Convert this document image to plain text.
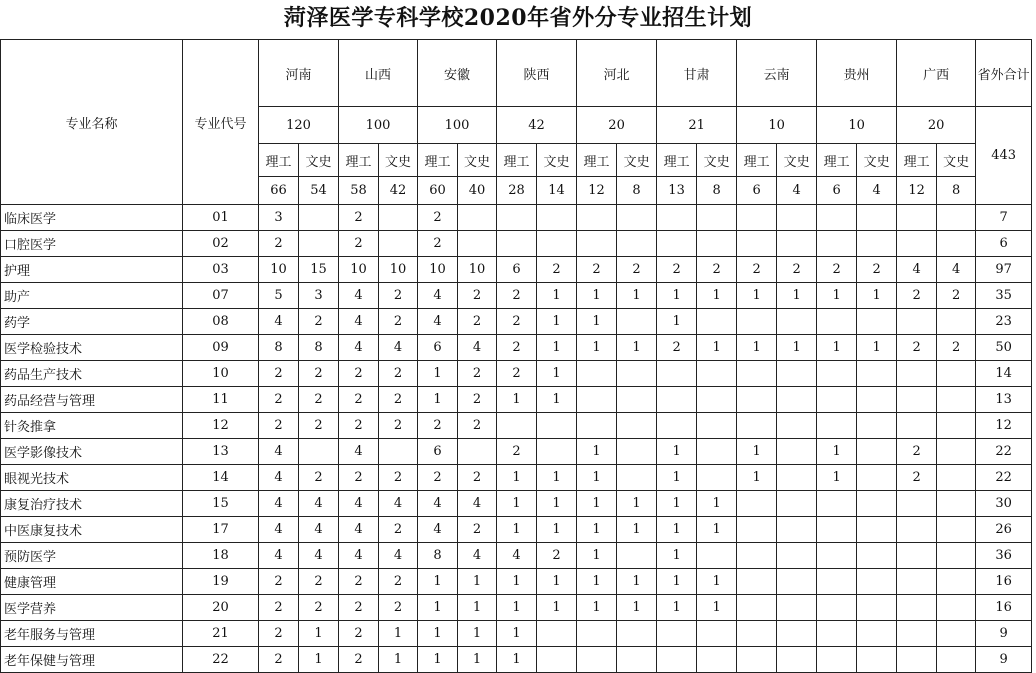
菏泽医学专科学校2020年省外分专业招生计划
专业名称	专业代号	河南		山西		安徽		陕西		河北		甘肃		云南		贵州		广西		省外合计
		120		100		100		42		20		21		10		10		20		443
		理工	文史	理工	文史	理工	文史	理工	文史	理工	文史	理工	文史	理工	文史	理工	文史	理工	文史	
		66	54	58	42	60	40	28	14	12	8	13	8	6	4	6	4	12	8	
临床医学	01	3		2		2														7
口腔医学	02	2		2		2														6
护理	03	10	15	10	10	10	10	6	2	2	2	2	2	2	2	2	2	4	4	97
助产	07	5	3	4	2	4	2	2	1	1	1	1	1	1	1	1	1	2	2	35
药学	08	4	2	4	2	4	2	2	1	1		1								23
医学检验技术	09	8	8	4	4	6	4	2	1	1	1	2	1	1	1	1	1	2	2	50
药品生产技术	10	2	2	2	2	1	2	2	1											14
药品经营与管理	11	2	2	2	2	1	2	1	1											13
针灸推拿	12	2	2	2	2	2	2													12
医学影像技术	13	4		4		6		2		1		1		1		1		2		22
眼视光技术	14	4	2	2	2	2	2	1	1	1		1		1		1		2		22
康复治疗技术	15	4	4	4	4	4	4	1	1	1	1	1	1							30
中医康复技术	17	4	4	4	2	4	2	1	1	1	1	1	1							26
预防医学	18	4	4	4	4	8	4	4	2	1		1								36
健康管理	19	2	2	2	2	1	1	1	1	1	1	1	1							16
医学营养	20	2	2	2	2	1	1	1	1	1	1	1	1							16
老年服务与管理	21	2	1	2	1	1	1	1												9
老年保健与管理	22	2	1	2	1	1	1	1												9
